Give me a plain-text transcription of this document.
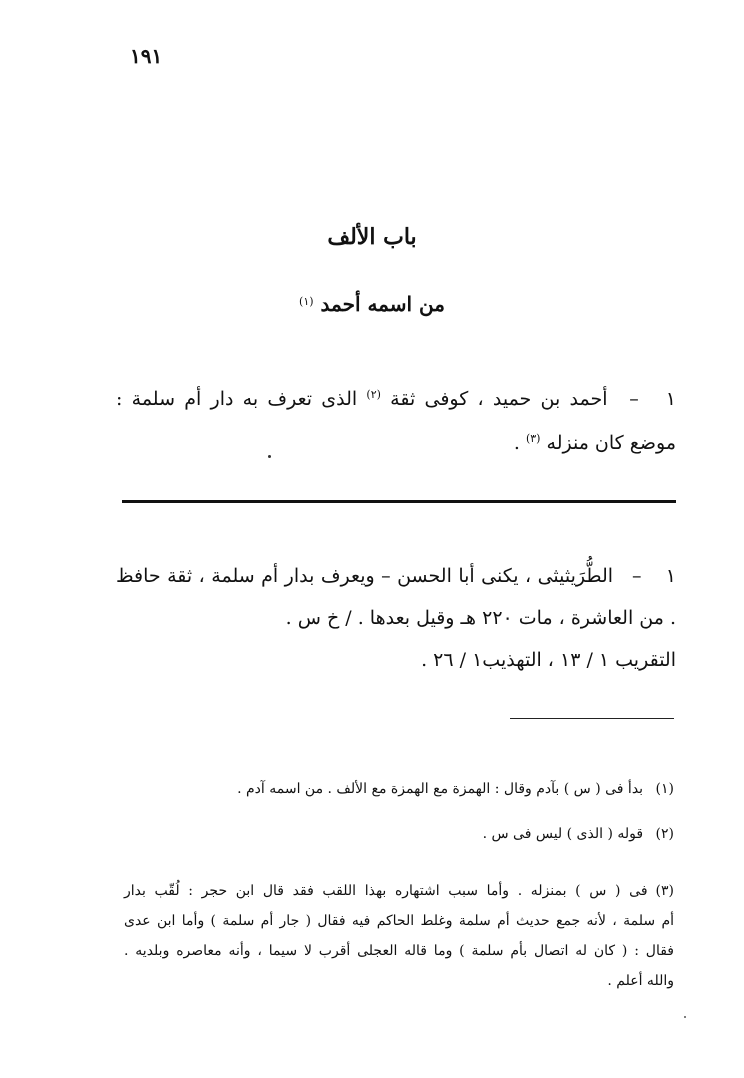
١٩١
باب الألف
من اسمه أحمد $^{(١)}$
١ – أحمد بن حميد ، كوفى ثقة $^{(٢)}$ الذى تعرف به دار أم سلمة : موضع كان منزله $^{(٣)}$ .
١ – الطُّرَيثيثى ، يكنى أبا الحسن – ويعرف بدار أم سلمة ، ثقة حافظ . من العاشرة ، مات ٢٢٠ هـ وقيل بعدها . / خ س .
التقريب ١ / ١٣ ، التهذيب١ / ٢٦ .
(١) بدأ فى ( س ) بآدم وقال : الهمزة مع الهمزة مع الألف . من اسمه آدم .
(٢) قوله ( الذى ) ليس فى س .
(٣)فى ( س ) بمنزله . وأما سبب اشتهاره بهذا اللقب فقد قال ابن حجر : لُقّب بدار
أم سلمة ، لأنه جمع حديث أم سلمة وغلط الحاكم فيه فقال ( جار أم سلمة ) وأما ابن عدى
فقال : ( كان له اتصال بأم سلمة ) وما قاله العجلى أقرب لا سيما ، وأنه معاصره وبلديه .
والله أعلم .
